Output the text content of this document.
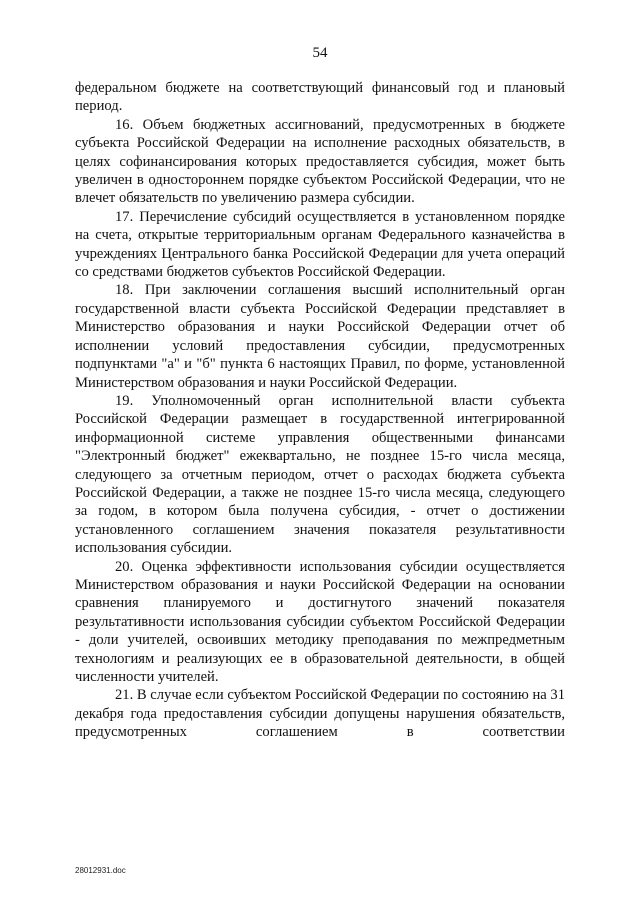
54

федеральном бюджете на соответствующий финансовый год и плановый период.

16. Объем бюджетных ассигнований, предусмотренных в бюджете субъекта Российской Федерации на исполнение расходных обязательств, в целях софинансирования которых предоставляется субсидия, может быть увеличен в одностороннем порядке субъектом Российской Федерации, что не влечет обязательств по увеличению размера субсидии.

17. Перечисление субсидий осуществляется в установленном порядке на счета, открытые территориальным органам Федерального казначейства в учреждениях Центрального банка Российской Федерации для учета операций со средствами бюджетов субъектов Российской Федерации.

18. При заключении соглашения высший исполнительный орган государственной власти субъекта Российской Федерации представляет в Министерство образования и науки Российской Федерации отчет об исполнении условий предоставления субсидии, предусмотренных подпунктами "а" и "б" пункта 6 настоящих Правил, по форме, установленной Министерством образования и науки Российской Федерации.

19. Уполномоченный орган исполнительной власти субъекта Российской Федерации размещает в государственной интегрированной информационной системе управления общественными финансами "Электронный бюджет" ежеквартально, не позднее 15-го числа месяца, следующего за отчетным периодом, отчет о расходах бюджета субъекта Российской Федерации, а также не позднее 15-го числа месяца, следующего за годом, в котором была получена субсидия, - отчет о достижении установленного соглашением значения показателя результативности использования субсидии.

20. Оценка эффективности использования субсидии осуществляется Министерством образования и науки Российской Федерации на основании сравнения планируемого и достигнутого значений показателя результативности использования субсидии субъектом Российской Федерации - доли учителей, освоивших методику преподавания по межпредметным технологиям и реализующих ее в образовательной деятельности, в общей численности учителей.

21. В случае если субъектом Российской Федерации по состоянию на 31 декабря года предоставления субсидии допущены нарушения обязательств, предусмотренных соглашением в соответствии

28012931.doc
